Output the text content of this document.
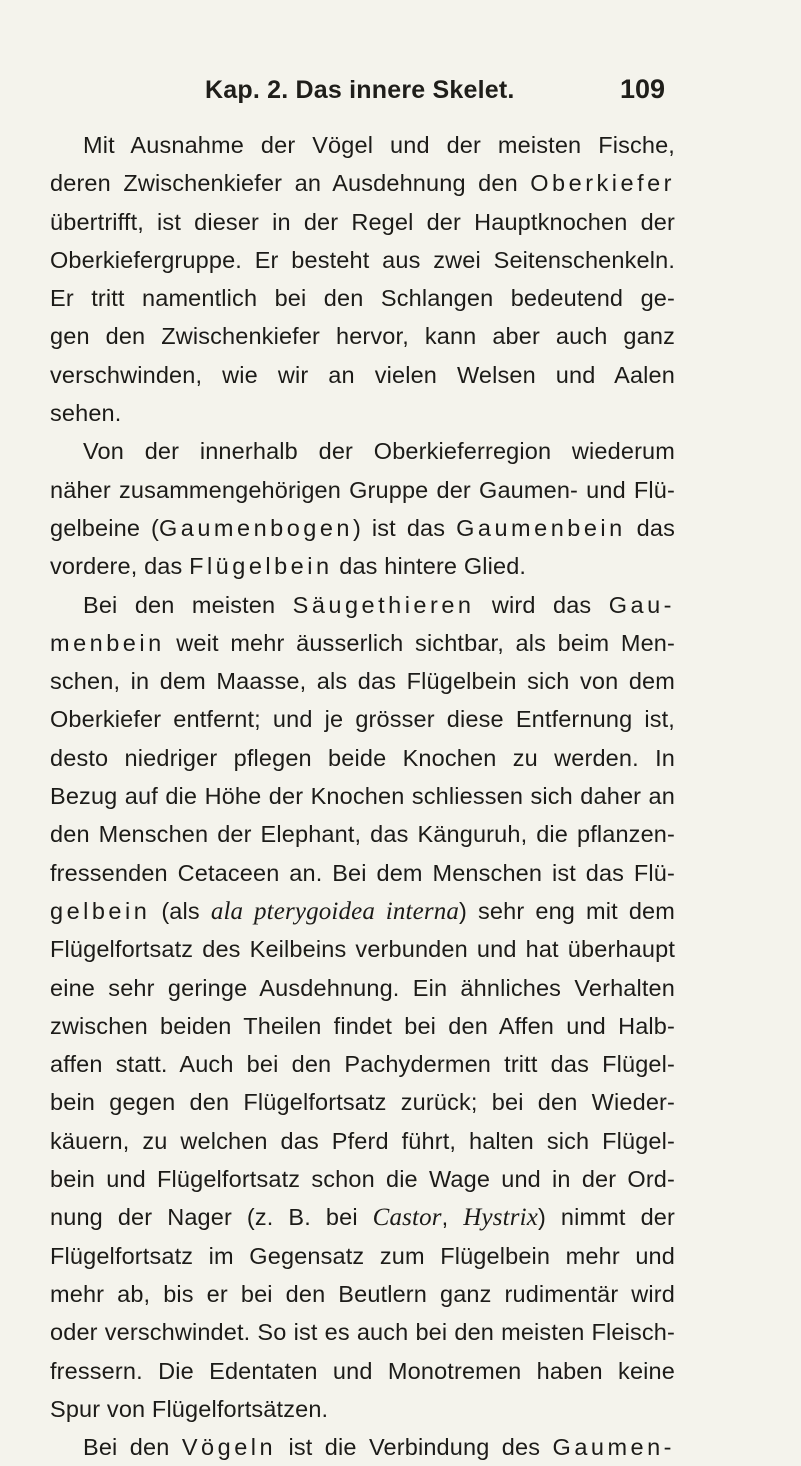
Kap. 2. Das innere Skelet.	109
Mit Ausnahme der Vögel und der meisten Fische,
deren Zwischenkiefer an Ausdehnung den Oberkiefer
übertrifft, ist dieser in der Regel der Hauptknochen der
Oberkiefergruppe. Er besteht aus zwei Seitenschenkeln.
Er tritt namentlich bei den Schlangen bedeutend ge-
gen den Zwischenkiefer hervor, kann aber auch ganz
verschwinden, wie wir an vielen Welsen und Aalen
sehen.
Von der innerhalb der Oberkieferregion wiederum
näher zusammengehörigen Gruppe der Gaumen- und Flü-
gelbeine (Gaumenbogen) ist das Gaumenbein das
vordere, das Flügelbein das hintere Glied.
Bei den meisten Säugethieren wird das Gau-
menbein weit mehr äusserlich sichtbar, als beim Men-
schen, in dem Maasse, als das Flügelbein sich von dem
Oberkiefer entfernt; und je grösser diese Entfernung ist,
desto niedriger pflegen beide Knochen zu werden. In
Bezug auf die Höhe der Knochen schliessen sich daher an
den Menschen der Elephant, das Känguruh, die pflanzen-
fressenden Cetaceen an. Bei dem Menschen ist das Flü-
gelbein (als ala pterygoidea interna) sehr eng mit dem
Flügelfortsatz des Keilbeins verbunden und hat überhaupt
eine sehr geringe Ausdehnung. Ein ähnliches Verhalten
zwischen beiden Theilen findet bei den Affen und Halb-
affen statt. Auch bei den Pachydermen tritt das Flügel-
bein gegen den Flügelfortsatz zurück; bei den Wieder-
käuern, zu welchen das Pferd führt, halten sich Flügel-
bein und Flügelfortsatz schon die Wage und in der Ord-
nung der Nager (z. B. bei Castor, Hystrix) nimmt der
Flügelfortsatz im Gegensatz zum Flügelbein mehr und
mehr ab, bis er bei den Beutlern ganz rudimentär wird
oder verschwindet. So ist es auch bei den meisten Fleisch-
fressern. Die Edentaten und Monotremen haben keine
Spur von Flügelfortsätzen.
Bei den Vögeln ist die Verbindung des Gaumen-
